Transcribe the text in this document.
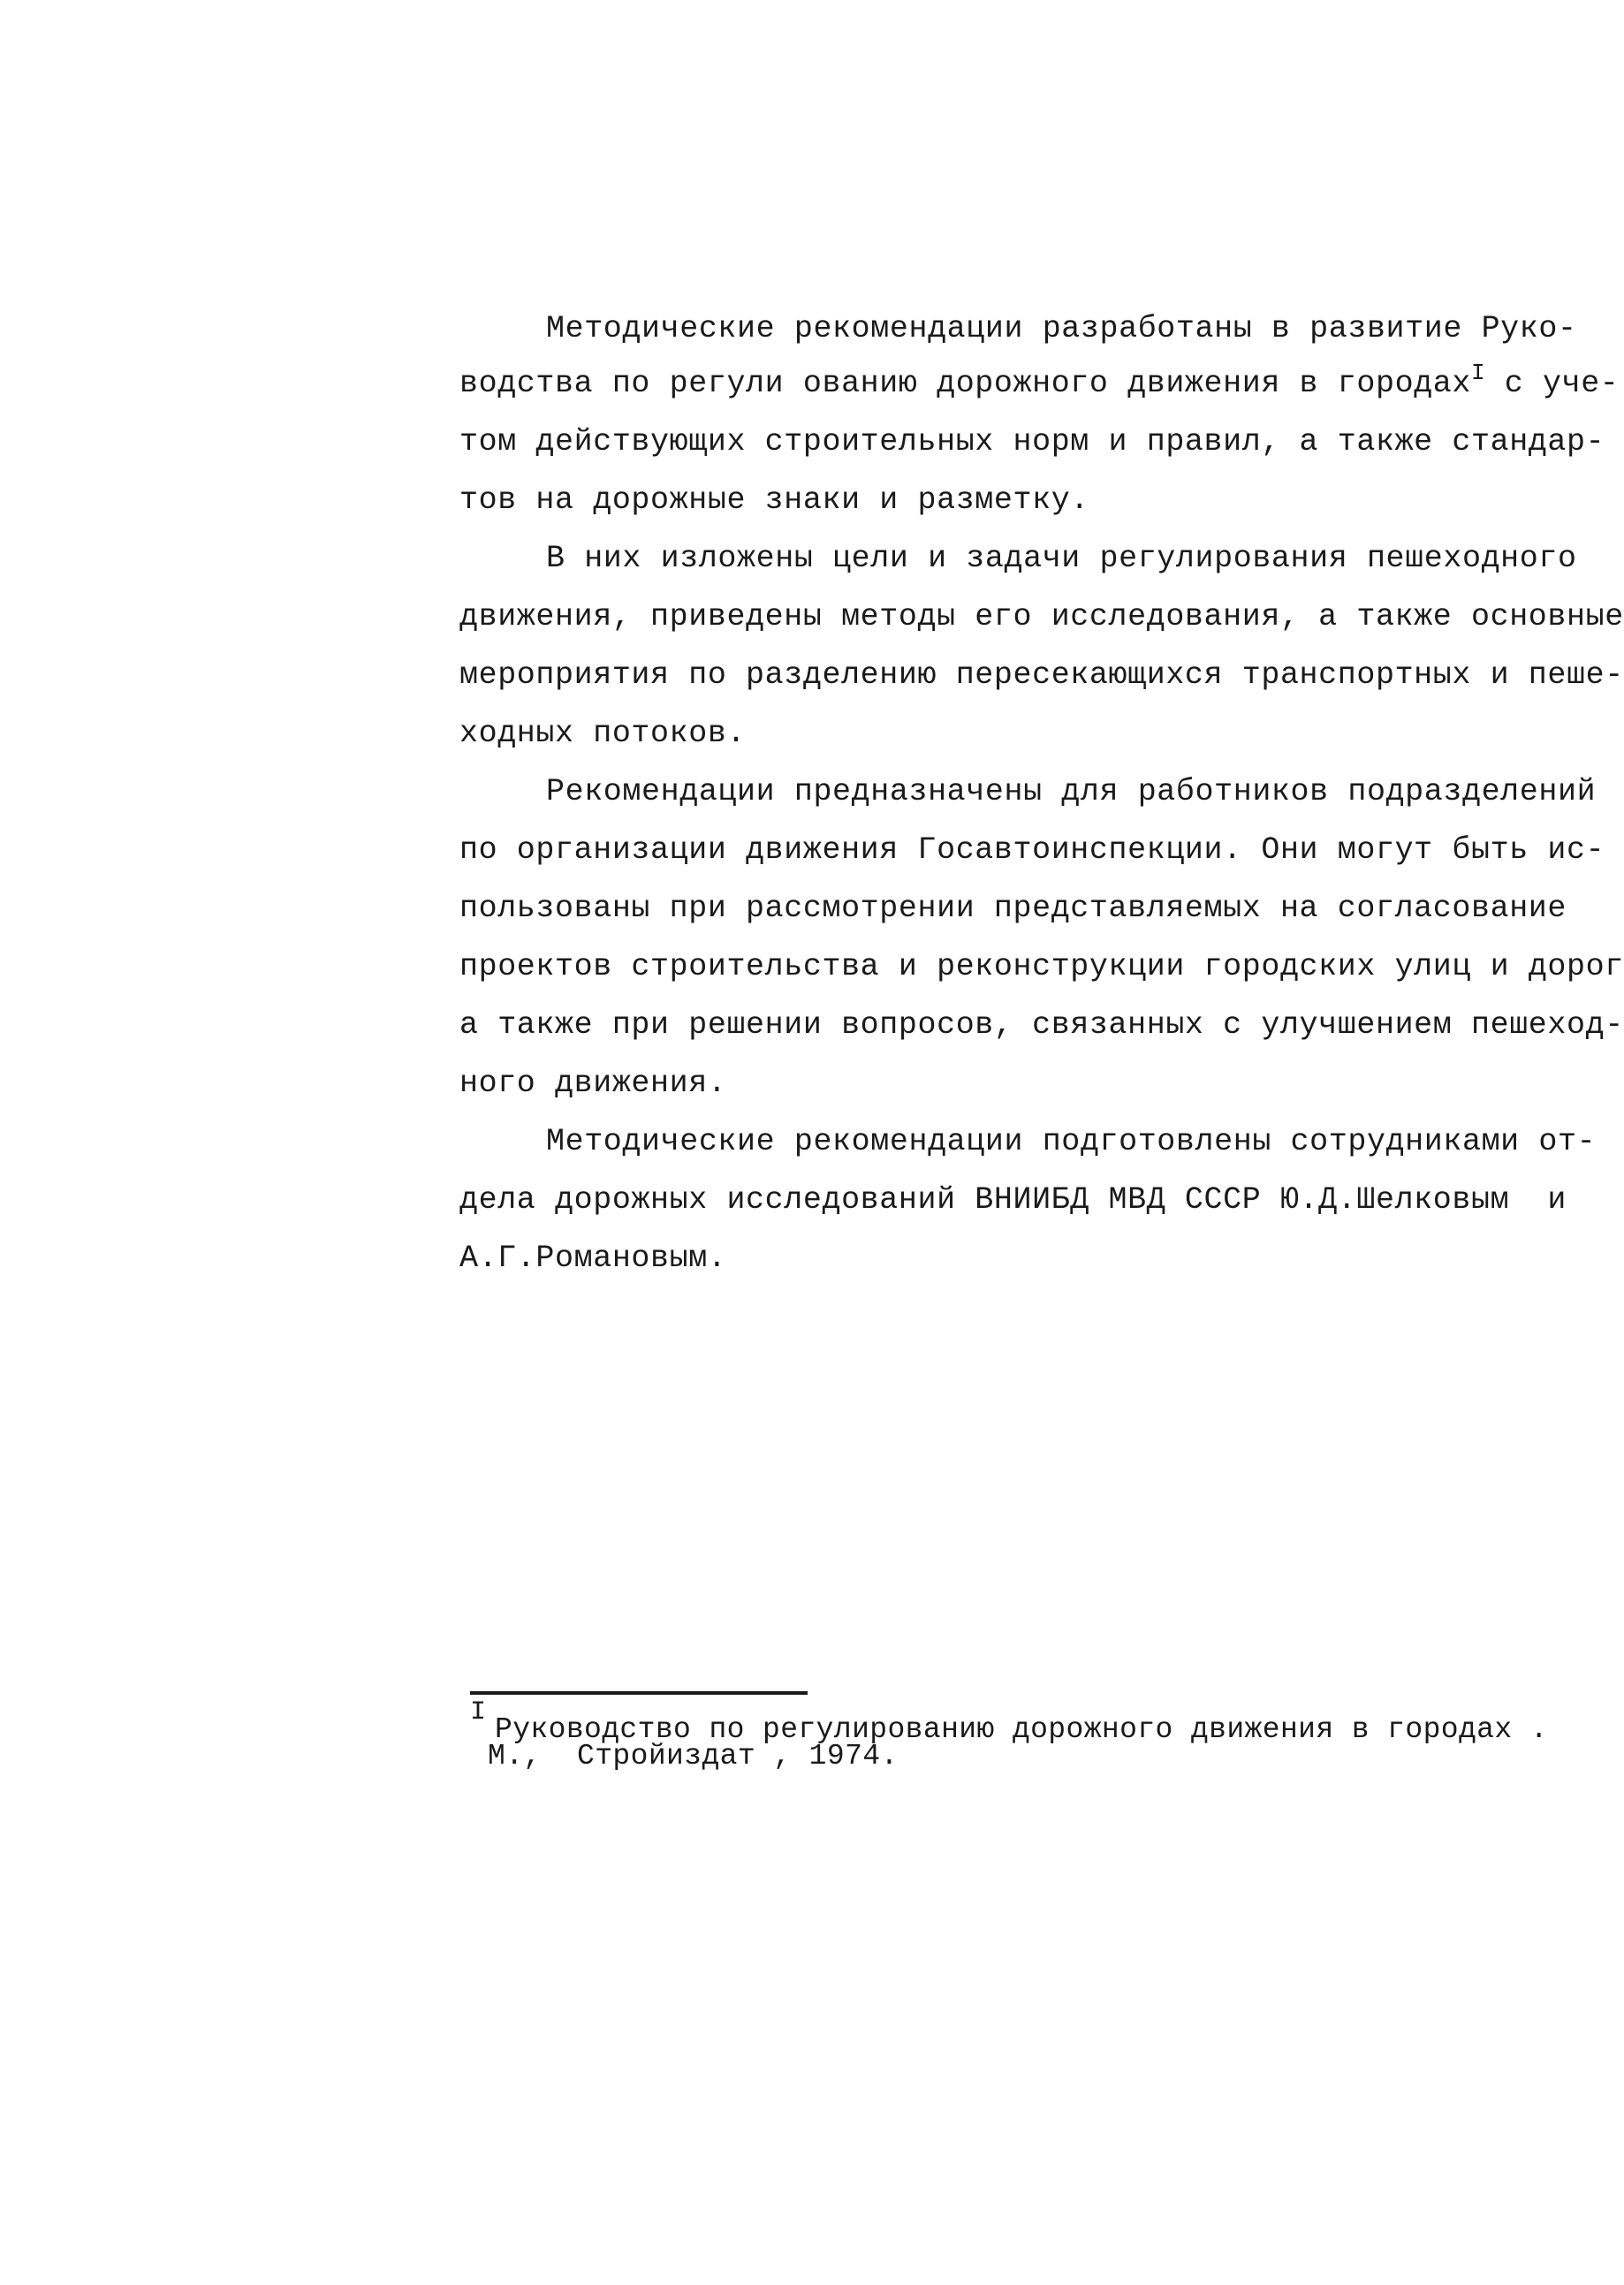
Методические рекомендации разработаны в развитие Руко-
водства по регули ованию дорожного движения в городах$^I$ с уче-
том действующих строительных норм и правил, а также стандар-
тов на дорожные знаки и разметку.
В них изложены цели и задачи регулирования пешеходного
движения, приведены методы его исследования, а также основные
мероприятия по разделению пересекающихся транспортных и пеше-
ходных потоков.
Рекомендации предназначены для работников подразделений
по организации движения Госавтоинспекции. Они могут быть ис-
пользованы при рассмотрении представляемых на согласование
проектов строительства и реконструкции городских улиц и дорог
а также при решении вопросов, связанных с улучшением пешеход-
ного движения.
Методические рекомендации подготовлены сотрудниками от-
дела дорожных исследований ВНИИБД МВД СССР Ю.Д.Шелковым  и
А.Г.Романовым.
I
Руководство по регулированию дорожного движения в городах .
М.,  Стройиздат , 1974.
